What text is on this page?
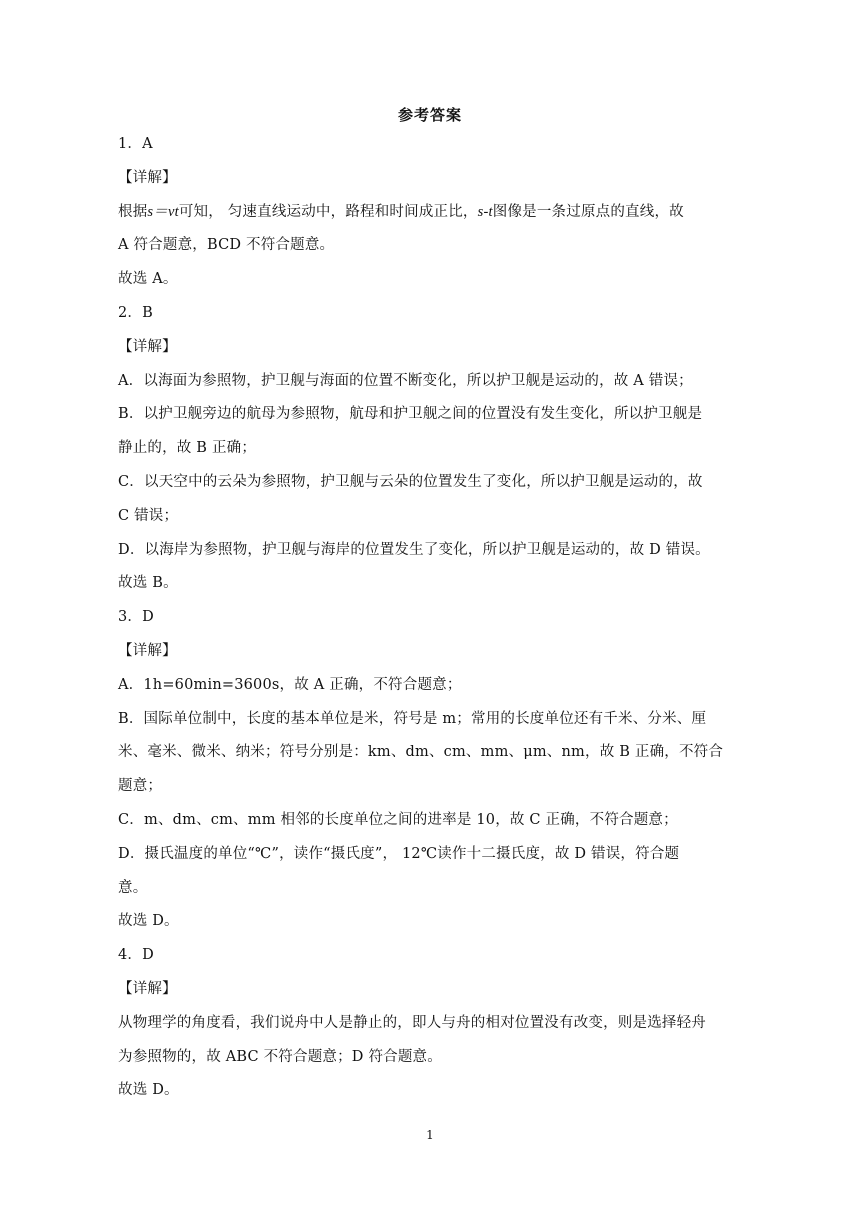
参考答案
1．A
【详解】
根据s＝vt可知， 匀速直线运动中，路程和时间成正比，s-t图像是一条过原点的直线，故
A 符合题意，BCD 不符合题意。
故选 A。
2．B
【详解】
A．以海面为参照物，护卫舰与海面的位置不断变化，所以护卫舰是运动的，故 A 错误；
B．以护卫舰旁边的航母为参照物，航母和护卫舰之间的位置没有发生变化，所以护卫舰是
静止的，故 B 正确；
C．以天空中的云朵为参照物，护卫舰与云朵的位置发生了变化，所以护卫舰是运动的，故
C 错误；
D．以海岸为参照物，护卫舰与海岸的位置发生了变化，所以护卫舰是运动的，故 D 错误。
故选 B。
3．D
【详解】
A．1h=60min=3600s，故 A 正确，不符合题意；
B．国际单位制中，长度的基本单位是米，符号是 m；常用的长度单位还有千米、分米、厘
米、毫米、微米、纳米；符号分别是：km、dm、cm、mm、μm、nm，故 B 正确，不符合
题意；
C．m、dm、cm、mm 相邻的长度单位之间的进率是 10，故 C 正确，不符合题意；
D．摄氏温度的单位“℃”，读作“摄氏度”， 12℃读作十二摄氏度，故 D 错误，符合题
意。
故选 D。
4．D
【详解】
从物理学的角度看，我们说舟中人是静止的，即人与舟的相对位置没有改变，则是选择轻舟
为参照物的，故 ABC 不符合题意；D 符合题意。
故选 D。
1
